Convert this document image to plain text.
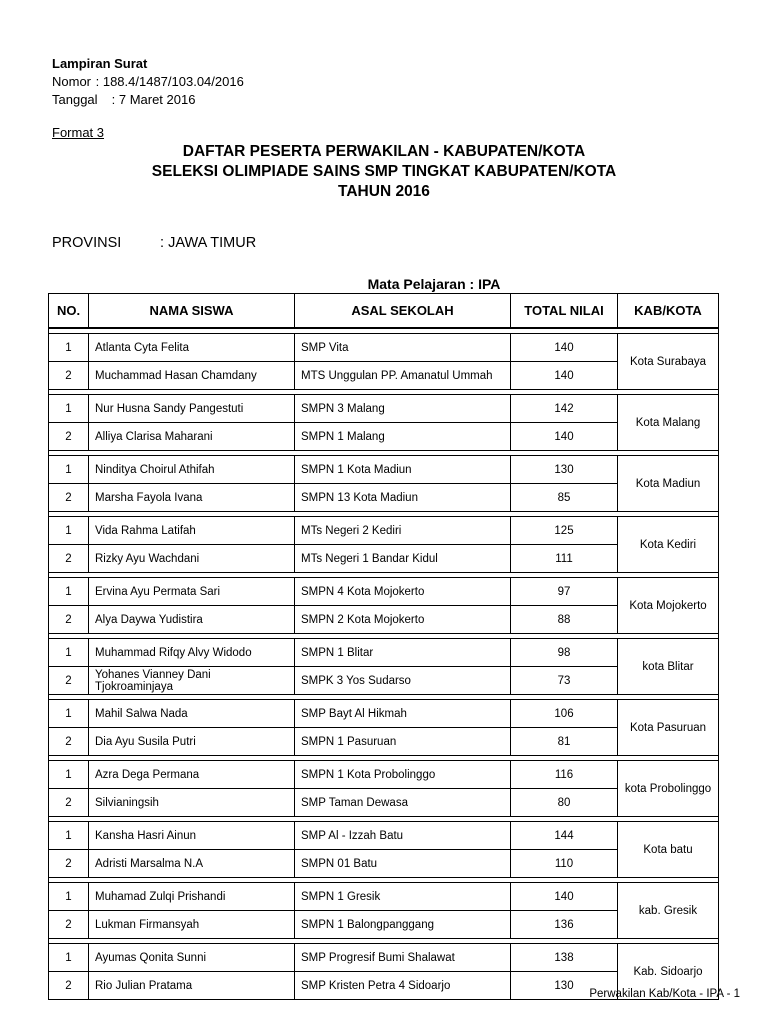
Lampiran Surat
Nomor : 188.4/1487/103.04/2016
Tanggal : 7 Maret 2016
Format 3
DAFTAR PESERTA PERWAKILAN - KABUPATEN/KOTA
SELEKSI OLIMPIADE SAINS SMP TINGKAT KABUPATEN/KOTA
TAHUN 2016
PROVINSI	: JAWA TIMUR
Mata Pelajaran : IPA
NO.	NAMA SISWA	ASAL SEKOLAH	TOTAL NILAI	KAB/KOTA

1	Atlanta Cyta Felita	SMP Vita	140	Kota Surabaya
2	Muchammad Hasan Chamdany	MTS Unggulan PP. Amanatul Ummah	140	

1	Nur Husna Sandy Pangestuti	SMPN 3 Malang	142	Kota Malang
2	Alliya Clarisa Maharani	SMPN 1 Malang	140	

1	Ninditya Choirul Athifah	SMPN 1 Kota Madiun	130	Kota Madiun
2	Marsha Fayola Ivana	SMPN 13 Kota Madiun	85	

1	Vida Rahma Latifah	MTs Negeri 2 Kediri	125	Kota Kediri
2	Rizky Ayu Wachdani	MTs Negeri 1 Bandar Kidul	111	

1	Ervina Ayu Permata Sari	SMPN 4 Kota Mojokerto	97	Kota Mojokerto
2	Alya Daywa Yudistira	SMPN 2 Kota Mojokerto	88	

1	Muhammad Rifqy Alvy Widodo	SMPN 1 Blitar	98	kota Blitar
2	Yohanes Vianney Dani Tjokroaminjaya	SMPK 3 Yos Sudarso	73	

1	Mahil Salwa Nada	SMP Bayt Al Hikmah	106	Kota Pasuruan
2	Dia Ayu Susila Putri	SMPN 1 Pasuruan	81	

1	Azra Dega Permana	SMPN 1 Kota Probolinggo	116	kota Probolinggo
2	Silvianingsih	SMP Taman Dewasa	80	

1	Kansha Hasri Ainun	SMP Al - Izzah Batu	144	Kota batu
2	Adristi Marsalma N.A	SMPN 01 Batu	110	

1	Muhamad Zulqi Prishandi	SMPN 1 Gresik	140	kab. Gresik
2	Lukman Firmansyah	SMPN 1 Balongpanggang	136	

1	Ayumas Qonita Sunni	SMP Progresif Bumi Shalawat	138	Kab. Sidoarjo
2	Rio Julian Pratama	SMP Kristen Petra 4 Sidoarjo	130	
Perwakilan Kab/Kota - IPA - 1
